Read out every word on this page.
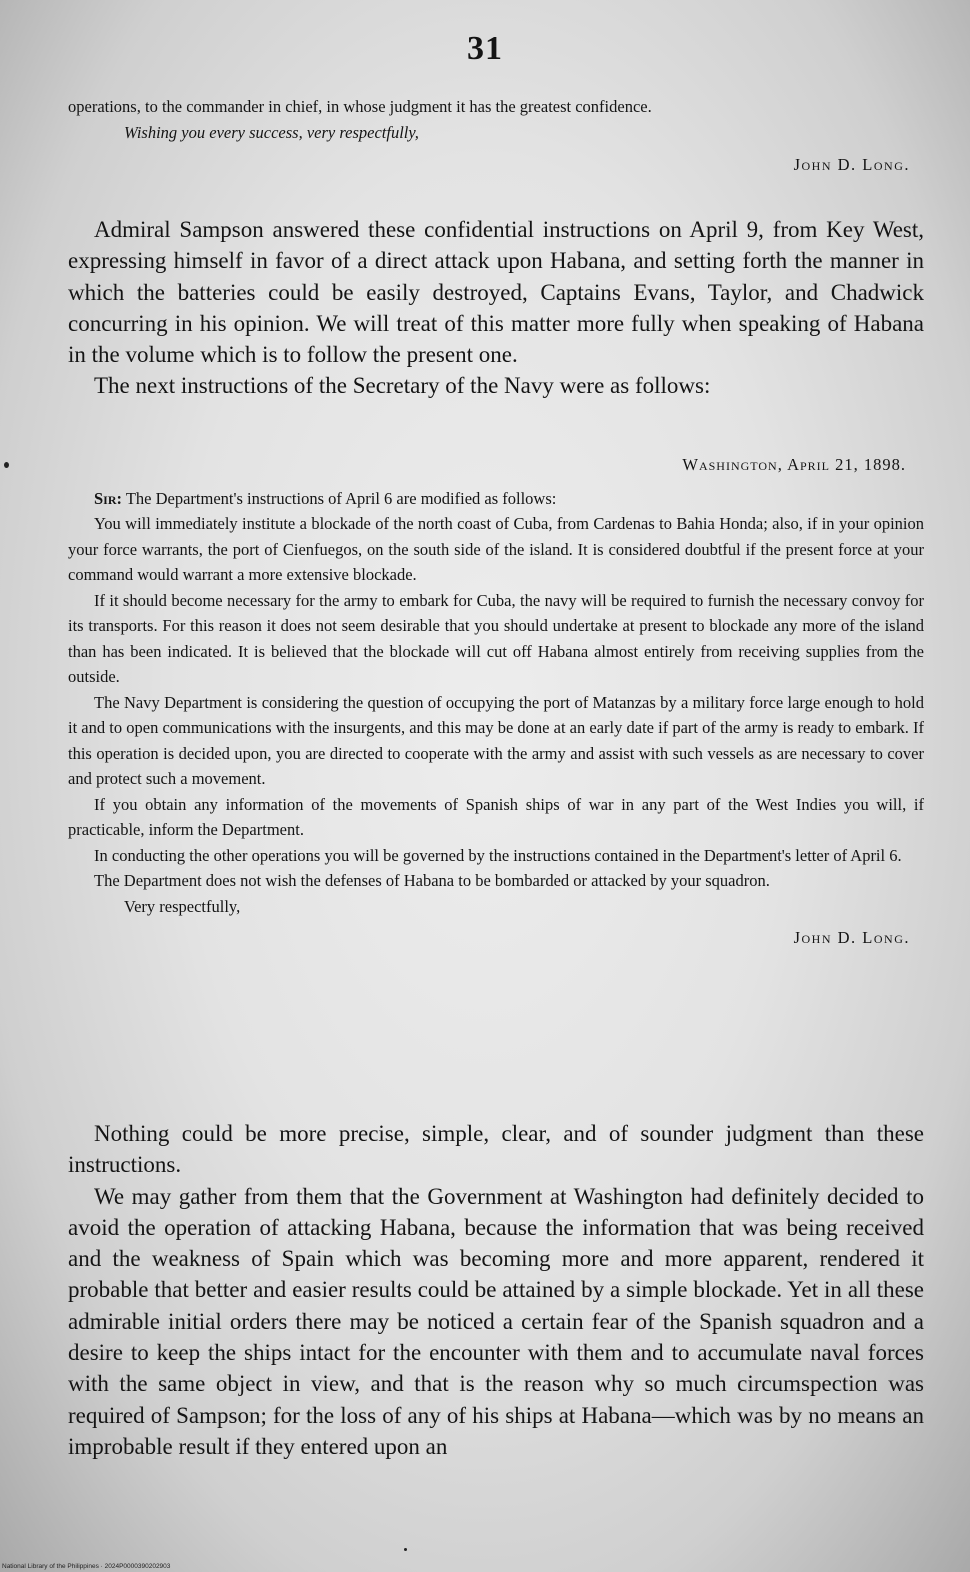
31

operations, to the commander in chief, in whose judgment it has the greatest confidence.

Wishing you every success, very respectfully,

John D. Long.

Admiral Sampson answered these confidential instructions on April 9, from Key West, expressing himself in favor of a direct attack upon Habana, and setting forth the manner in which the batteries could be easily destroyed, Captains Evans, Taylor, and Chadwick concurring in his opinion. We will treat of this matter more fully when speaking of Habana in the volume which is to follow the present one.

The next instructions of the Secretary of the Navy were as follows:

Washington, April 21, 1898.

Sir: The Department's instructions of April 6 are modified as follows:

You will immediately institute a blockade of the north coast of Cuba, from Cardenas to Bahia Honda; also, if in your opinion your force warrants, the port of Cienfuegos, on the south side of the island. It is considered doubtful if the present force at your command would warrant a more extensive blockade.

If it should become necessary for the army to embark for Cuba, the navy will be required to furnish the necessary convoy for its transports. For this reason it does not seem desirable that you should undertake at present to blockade any more of the island than has been indicated. It is believed that the blockade will cut off Habana almost entirely from receiving supplies from the outside.

The Navy Department is considering the question of occupying the port of Matanzas by a military force large enough to hold it and to open communications with the insurgents, and this may be done at an early date if part of the army is ready to embark. If this operation is decided upon, you are directed to cooperate with the army and assist with such vessels as are necessary to cover and protect such a movement.

If you obtain any information of the movements of Spanish ships of war in any part of the West Indies you will, if practicable, inform the Department.

In conducting the other operations you will be governed by the instructions contained in the Department's letter of April 6.

The Department does not wish the defenses of Habana to be bombarded or attacked by your squadron.

Very respectfully,

John D. Long.

Nothing could be more precise, simple, clear, and of sounder judgment than these instructions.

We may gather from them that the Government at Washington had definitely decided to avoid the operation of attacking Habana, because the information that was being received and the weakness of Spain which was becoming more and more apparent, rendered it probable that better and easier results could be attained by a simple blockade. Yet in all these admirable initial orders there may be noticed a certain fear of the Spanish squadron and a desire to keep the ships intact for the encounter with them and to accumulate naval forces with the same object in view, and that is the reason why so much circumspection was required of Sampson; for the loss of any of his ships at Habana—which was by no means an improbable result if they entered upon an

National Library of the Philippines · 2024P0000390202903
